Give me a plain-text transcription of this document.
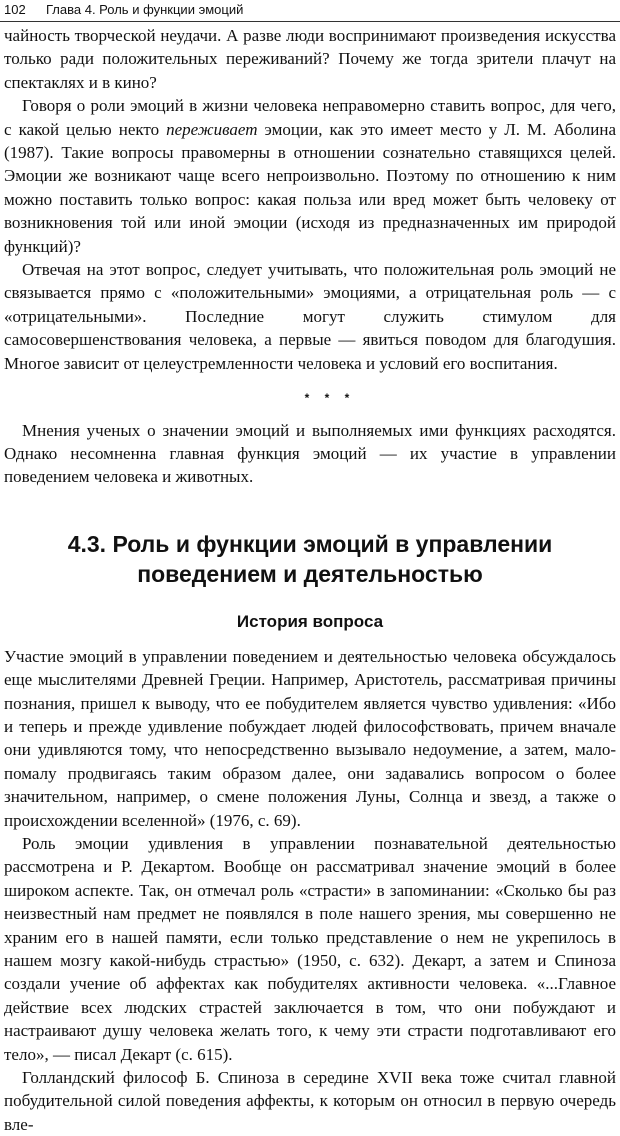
102 Глава 4. Роль и функции эмоций

чайность творческой неудачи. А разве люди воспринимают произведения искусства только ради положительных переживаний? Почему же тогда зрители плачут на спектаклях и в кино?

Говоря о роли эмоций в жизни человека неправомерно ставить вопрос, для чего, с какой целью некто переживает эмоции, как это имеет место у Л. М. Аболина (1987). Такие вопросы правомерны в отношении сознательно ставящихся целей. Эмоции же возникают чаще всего непроизвольно. Поэтому по отношению к ним можно поставить только вопрос: какая польза или вред может быть человеку от возникновения той или иной эмоции (исходя из предназначенных им природой функций)?

Отвечая на этот вопрос, следует учитывать, что положительная роль эмоций не связывается прямо с «положительными» эмоциями, а отрицательная роль — с «отрицательными». Последние могут служить стимулом для самосовершенствования человека, а первые — явиться поводом для благодушия. Многое зависит от целеустремленности человека и условий его воспитания.

* * *

Мнения ученых о значении эмоций и выполняемых ими функциях расходятся. Однако несомненна главная функция эмоций — их участие в управлении поведением человека и животных.

4.3. Роль и функции эмоций в управлении
поведением и деятельностью
История вопроса

Участие эмоций в управлении поведением и деятельностью человека обсуждалось еще мыслителями Древней Греции. Например, Аристотель, рассматривая причины познания, пришел к выводу, что ее побудителем является чувство удивления: «Ибо и теперь и прежде удивление побуждает людей философствовать, причем вначале они удивляются тому, что непосредственно вызывало недоумение, а затем, мало-помалу продвигаясь таким образом далее, они задавались вопросом о более значительном, например, о смене положения Луны, Солнца и звезд, а также о происхождении вселенной» (1976, с. 69).

Роль эмоции удивления в управлении познавательной деятельностью рассмотрена и Р. Декартом. Вообще он рассматривал значение эмоций в более широком аспекте. Так, он отмечал роль «страсти» в запоминании: «Сколько бы раз неизвестный нам предмет не появлялся в поле нашего зрения, мы совершенно не храним его в нашей памяти, если только представление о нем не укрепилось в нашем мозгу какой-нибудь страстью» (1950, с. 632). Декарт, а затем и Спиноза создали учение об аффектах как побудителях активности человека. «...Главное действие всех людских страстей заключается в том, что они побуждают и настраивают душу человека желать того, к чему эти страсти подготавливают его тело», — писал Декарт (с. 615).

Голландский философ Б. Спиноза в середине XVII века тоже считал главной побудительной силой поведения аффекты, к которым он относил в первую очередь вле-
